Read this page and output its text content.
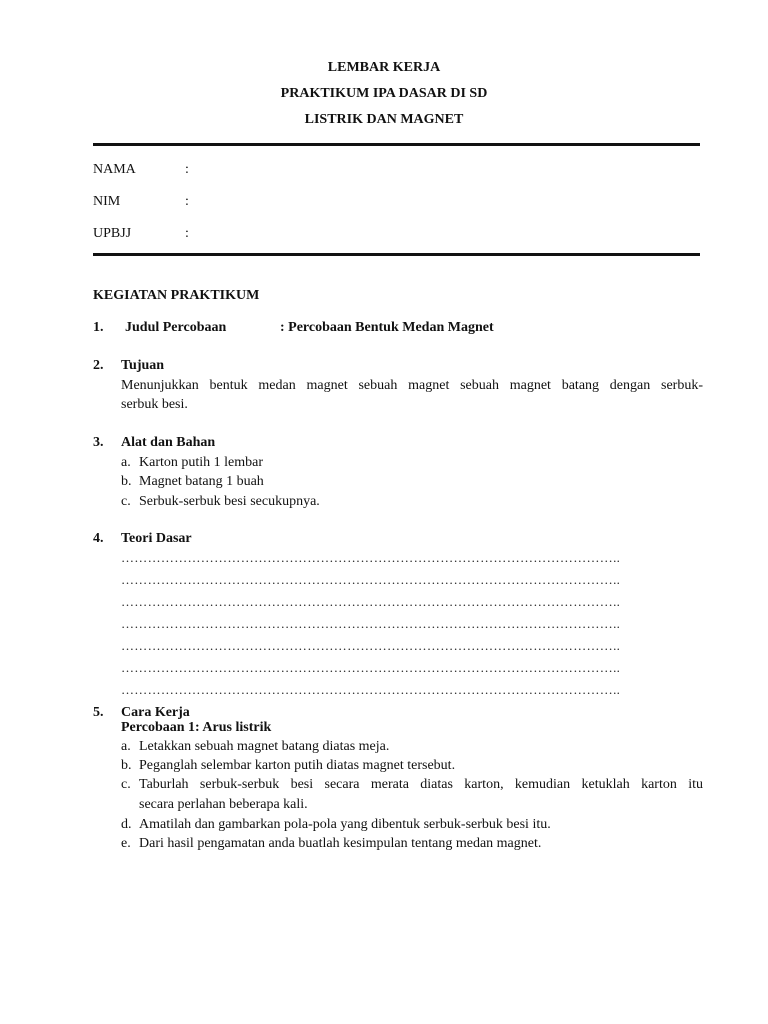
LEMBAR KERJA
PRAKTIKUM IPA DASAR DI SD
LISTRIK DAN MAGNET
NAMA	:
NIM	:
UPBJJ	:
KEGIATAN PRAKTIKUM
1. Judul Percobaan	: Percobaan Bentuk Medan Magnet
2. Tujuan
Menunjukkan bentuk medan magnet sebuah magnet sebuah magnet batang dengan serbuk-
serbuk besi.
3. Alat dan Bahan
a. Karton putih 1 lembar
b. Magnet batang 1 buah
c. Serbuk-serbuk besi secukupnya.
4. Teori Dasar
…………………………………………………………………………………………………..
…………………………………………………………………………………………………..
…………………………………………………………………………………………………..
…………………………………………………………………………………………………..
…………………………………………………………………………………………………..
…………………………………………………………………………………………………..
…………………………………………………………………………………………………..
5. Cara Kerja
Percobaan 1: Arus listrik
a. Letakkan sebuah magnet batang diatas meja.
b. Peganglah selembar karton putih diatas magnet tersebut.
c. Taburlah serbuk-serbuk besi secara merata diatas karton, kemudian ketuklah karton itu
secara perlahan beberapa kali.
d. Amatilah dan gambarkan pola-pola yang dibentuk serbuk-serbuk besi itu.
e. Dari hasil pengamatan anda buatlah kesimpulan tentang medan magnet.
